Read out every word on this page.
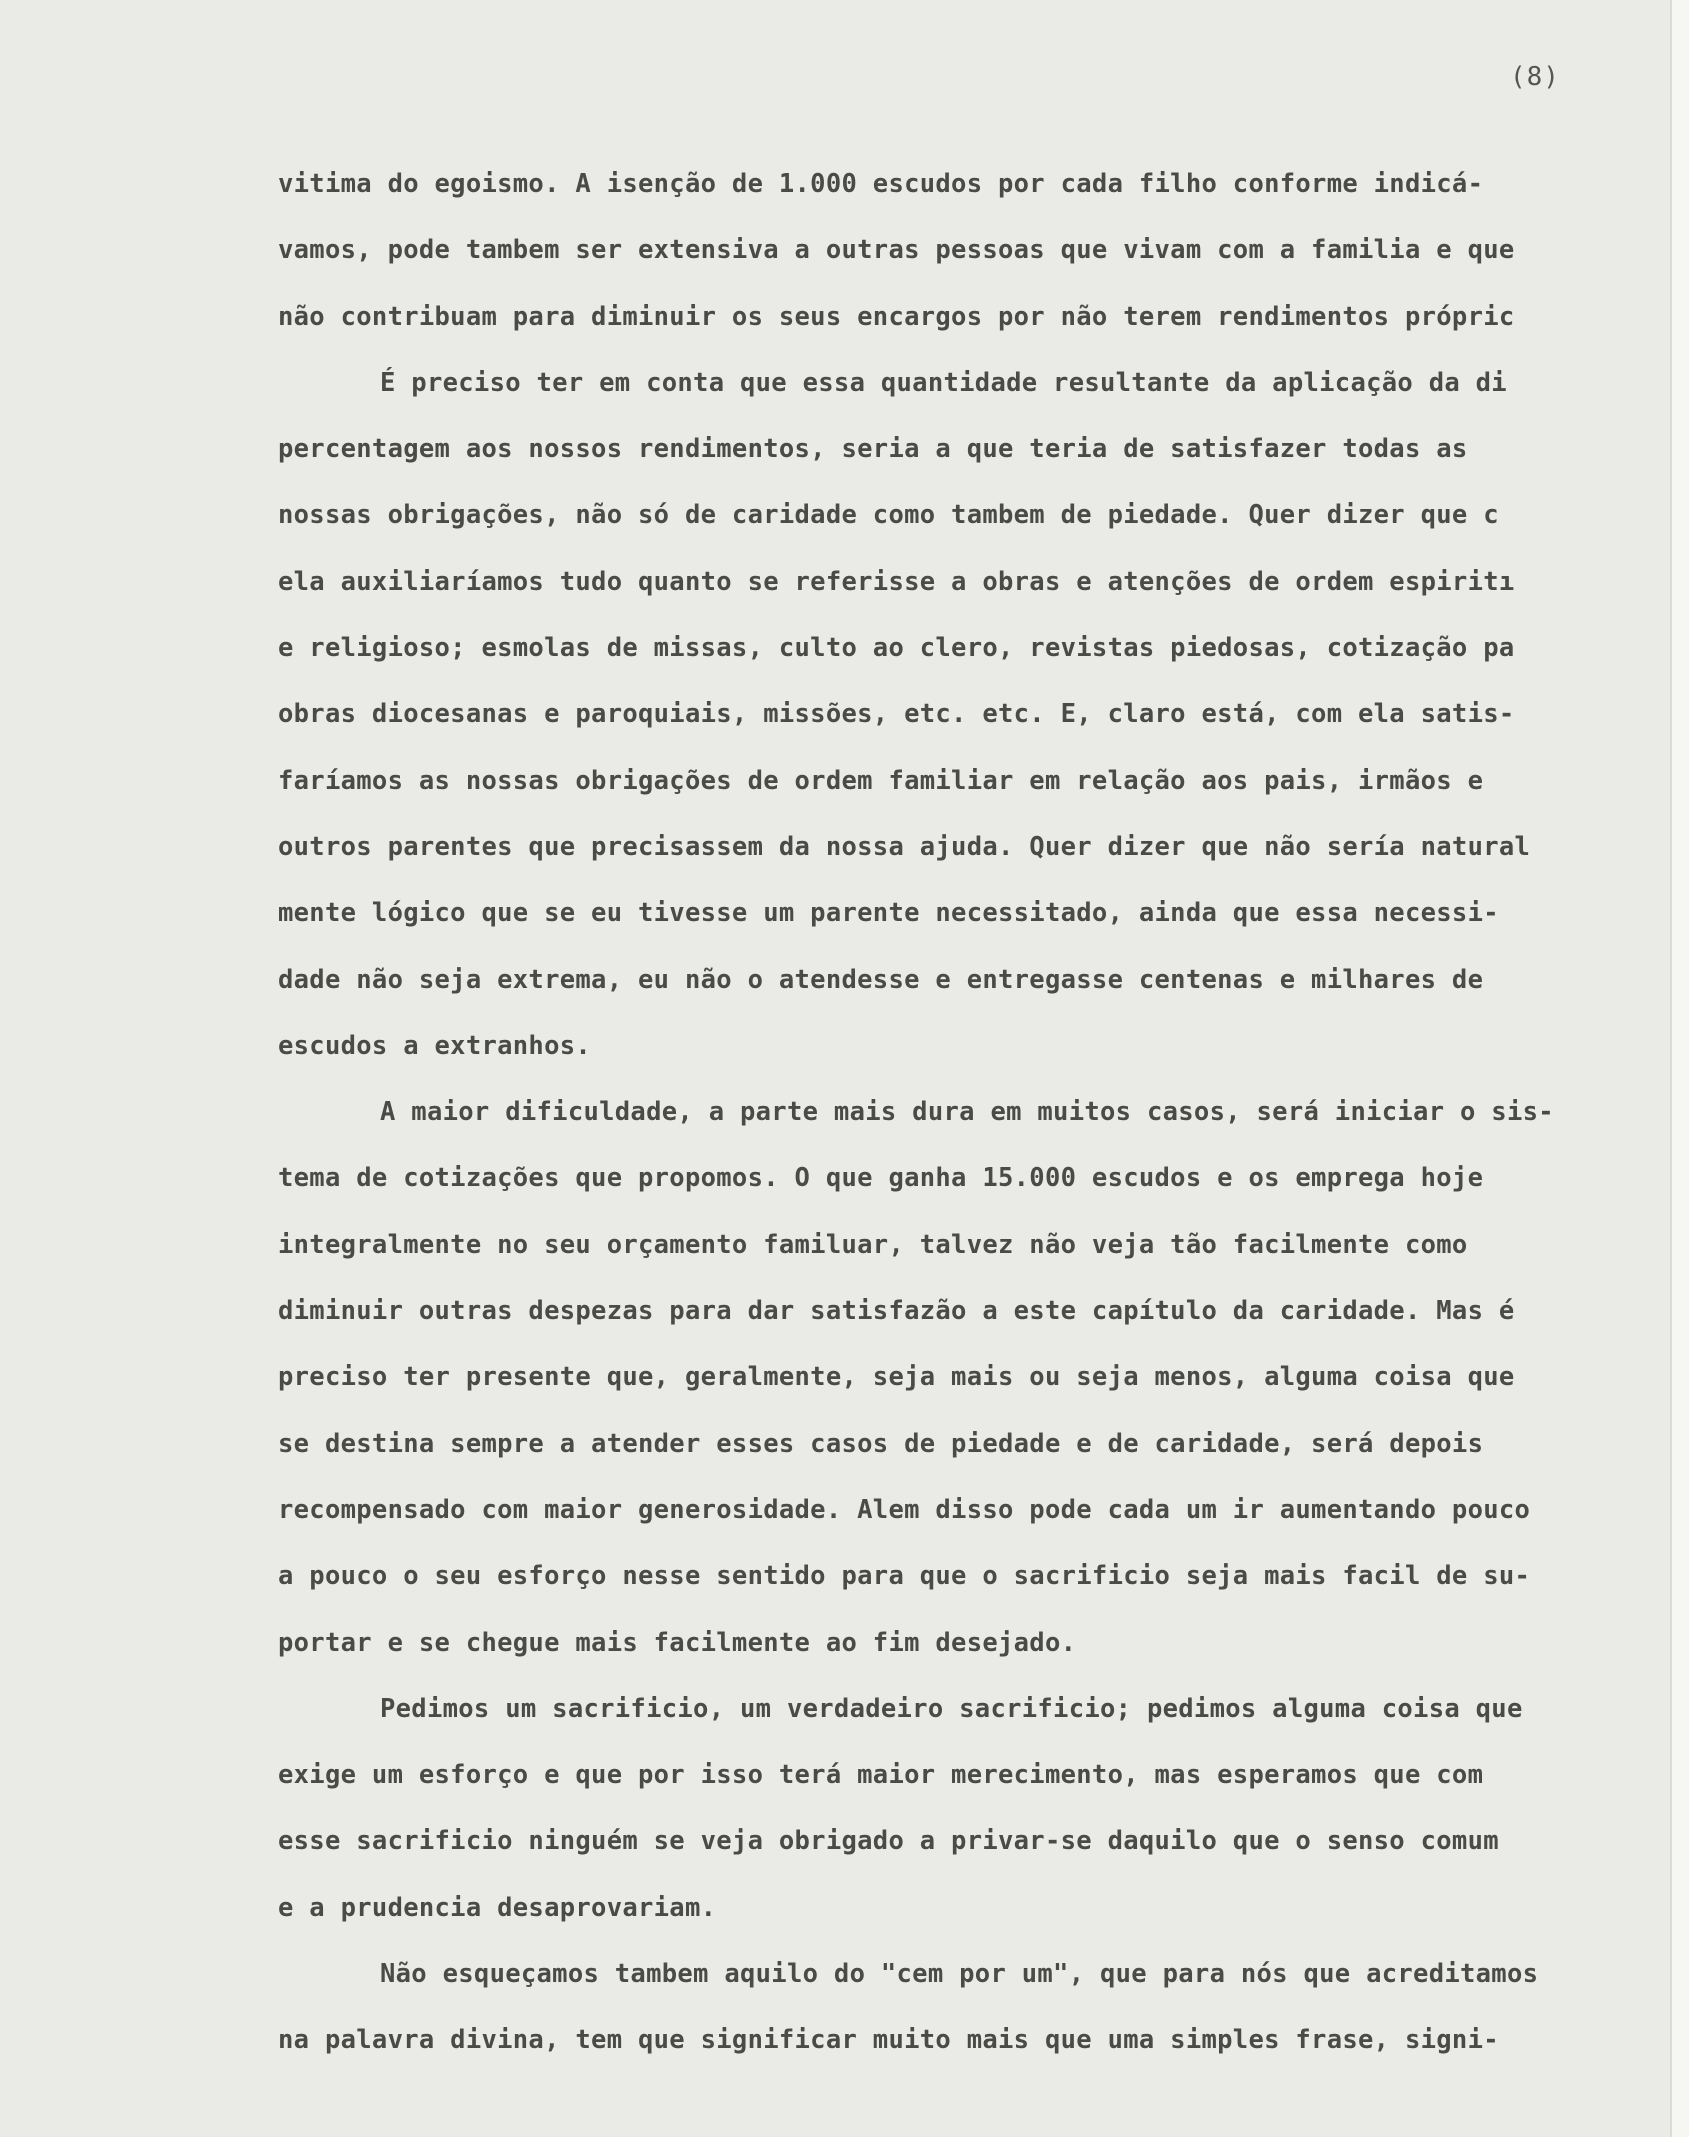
(8)
vitima do egoismo. A isenção de 1.000 escudos por cada filho conforme indicá-
vamos, pode tambem ser extensiva a outras pessoas que vivam com a familia e que
não contribuam para diminuir os seus encargos por não terem rendimentos própric
É preciso ter em conta que essa quantidade resultante da aplicação da di
percentagem aos nossos rendimentos, seria a que teria de satisfazer todas as
nossas obrigações, não só de caridade como tambem de piedade. Quer dizer que c
ela auxiliaríamos tudo quanto se referisse a obras e atenções de ordem espiritı
e religioso; esmolas de missas, culto ao clero, revistas piedosas, cotização pa
obras diocesanas e paroquiais, missões, etc. etc. E, claro está, com ela satis-
faríamos as nossas obrigações de ordem familiar em relação aos pais, irmãos e
outros parentes que precisassem da nossa ajuda. Quer dizer que não sería natural
mente lógico que se eu tivesse um parente necessitado, ainda que essa necessi-
dade não seja extrema, eu não o atendesse e entregasse centenas e milhares de
escudos a extranhos.
A maior dificuldade, a parte mais dura em muitos casos, será iniciar o sis-
tema de cotizações que propomos. O que ganha 15.000 escudos e os emprega hoje
integralmente no seu orçamento familuar, talvez não veja tão facilmente como
diminuir outras despezas para dar satisfazão a este capítulo da caridade. Mas é
preciso ter presente que, geralmente, seja mais ou seja menos, alguma coisa que
se destina sempre a atender esses casos de piedade e de caridade, será depois
recompensado com maior generosidade. Alem disso pode cada um ir aumentando pouco
a pouco o seu esforço nesse sentido para que o sacrificio seja mais facil de su-
portar e se chegue mais facilmente ao fim desejado.
Pedimos um sacrificio, um verdadeiro sacrificio; pedimos alguma coisa que
exige um esforço e que por isso terá maior merecimento, mas esperamos que com
esse sacrificio ninguém se veja obrigado a privar-se daquilo que o senso comum
e a prudencia desaprovariam.
Não esqueçamos tambem aquilo do "cem por um", que para nós que acreditamos
na palavra divina, tem que significar muito mais que uma simples frase, signi-
